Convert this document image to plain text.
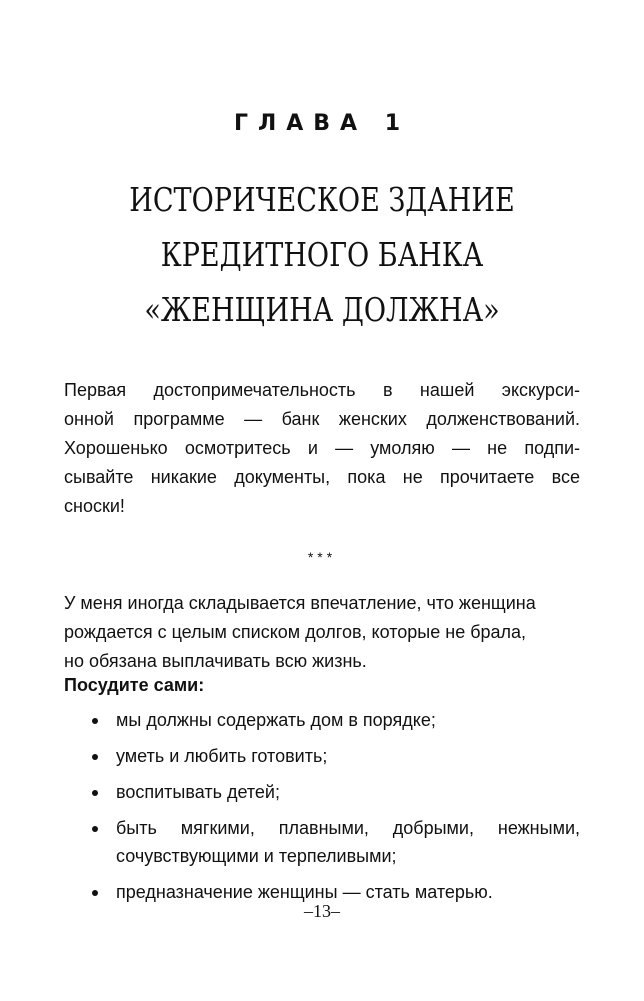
ГЛАВА 1
ИСТОРИЧЕСКОЕ ЗДАНИЕ
КРЕДИТНОГО БАНКА
«ЖЕНЩИНА ДОЛЖНА»
Первая достопримечательность в нашей экскурси-
онной программе — банк женских долженствований.
Хорошенько осмотритесь и — умоляю — не подпи-
сывайте никакие документы, пока не прочитаете все
сноски!
***
У меня иногда складывается впечатление, что женщина
рождается с целым списком долгов, которые не брала,
но обязана выплачивать всю жизнь.
Посудите сами:
мы должны содержать дом в порядке;
уметь и любить готовить;
воспитывать детей;
быть мягкими, плавными, добрыми, нежными,
сочувствующими и терпеливыми;
предназначение женщины — стать матерью.
–13–
